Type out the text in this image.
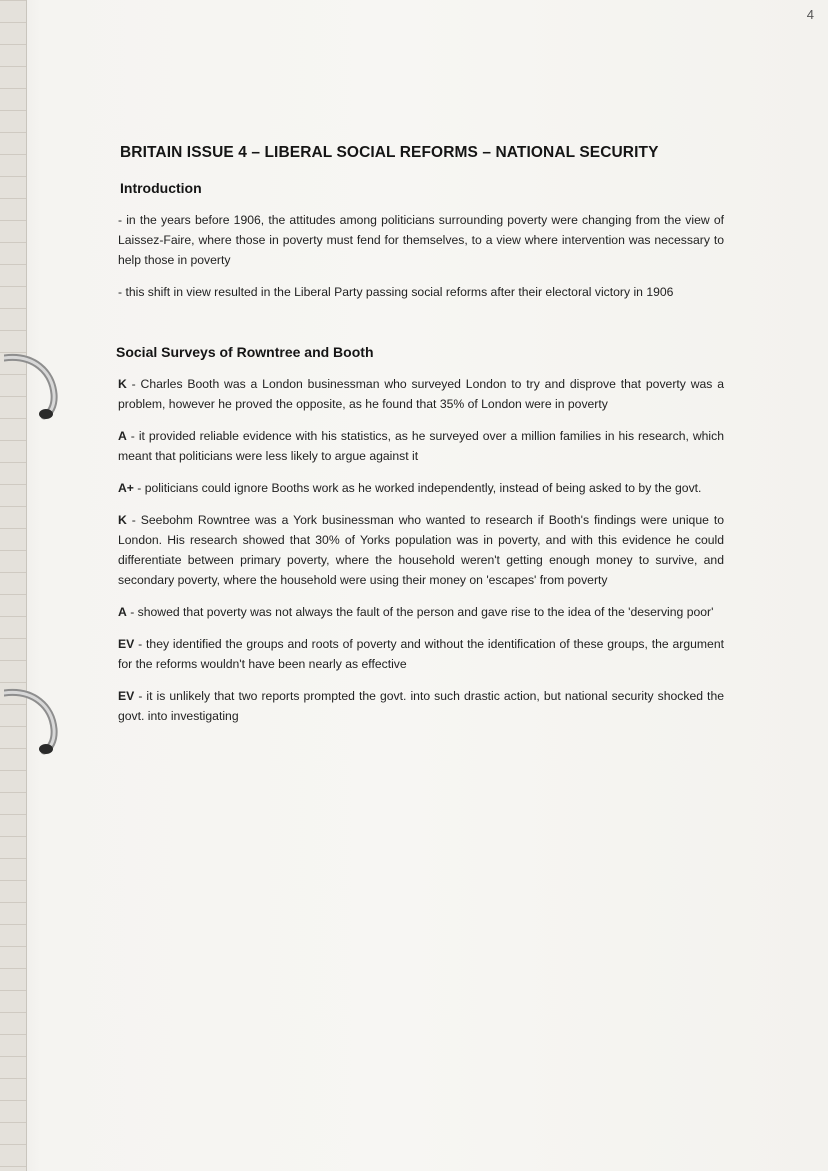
4
BRITAIN ISSUE 4 – LIBERAL SOCIAL REFORMS – NATIONAL SECURITY
Introduction

- in the years before 1906, the attitudes among politicians surrounding poverty were changing from the view of Laissez-Faire, where those in poverty must fend for themselves, to a view where intervention was necessary to help those in poverty

- this shift in view resulted in the Liberal Party passing social reforms after their electoral victory in 1906

Social Surveys of Rowntree and Booth

K - Charles Booth was a London businessman who surveyed London to try and disprove that poverty was a problem, however he proved the opposite, as he found that 35% of London were in poverty

A - it provided reliable evidence with his statistics, as he surveyed over a million families in his research, which meant that politicians were less likely to argue against it

A+ - politicians could ignore Booths work as he worked independently, instead of being asked to by the govt.

K - Seebohm Rowntree was a York businessman who wanted to research if Booth's findings were unique to London. His research showed that 30% of Yorks population was in poverty, and with this evidence he could differentiate between primary poverty, where the household weren't getting enough money to survive, and secondary poverty, where the household were using their money on 'escapes' from poverty

A - showed that poverty was not always the fault of the person and gave rise to the idea of the 'deserving poor'

EV - they identified the groups and roots of poverty and without the identification of these groups, the argument for the reforms wouldn't have been nearly as effective

EV - it is unlikely that two reports prompted the govt. into such drastic action, but national security shocked the govt. into investigating
